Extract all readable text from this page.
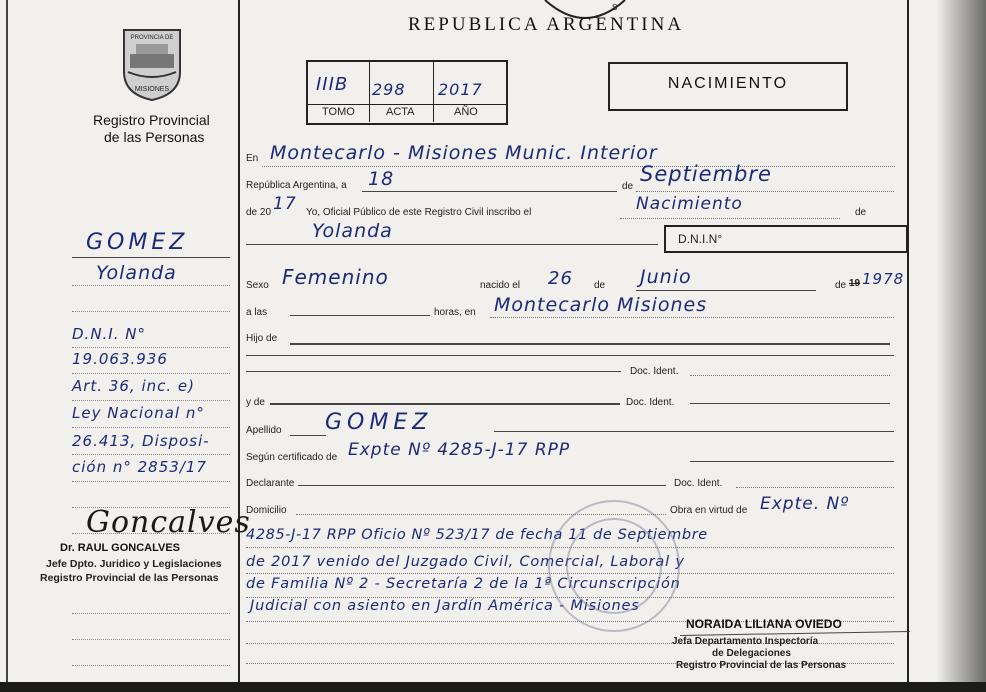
S
REPUBLICA ARGENTINA
PROVINCIA DE
MISIONES
Registro Provincial
de las Personas
IIIB 298 2017
TOMO	ACTA	AÑO
NACIMIENTO
En Montecarlo - Misiones Munic. Interior
República Argentina, a 18	de
Septiembre
de 20 17 Yo, Oficial Público de este Registro Civil inscribo el	Nacimiento	de
Yolanda	D.N.I.N°
Sexo Femenino	nacido el 26 de Junio	de 19 1978
a las	horas, en Montecarlo Misiones
Hijo de
Doc. Ident.
y de	Doc. Ident.
Apellido GOMEZ
Según certificado de Expte Nº 4285-J-17 RPP
Declarante	Doc. Ident.
Domicilio	Obra en virtud de Expte. Nº
4285-J-17 RPP Oficio Nº 523/17 de fecha 11 de Septiembre
de 2017 venido del Juzgado Civil, Comercial, Laboral y
de Familia Nº 2 - Secretaría 2 de la 1ª Circunscripción
Judicial con asiento en Jardín América - Misiones
NORAIDA LILIANA OVIEDO
Jefa Departamento Inspectoría
de Delegaciones
Registro Provincial de las Personas
GOMEZ
Yolanda
D.N.I. N°
19.063.936
Art. 36, inc. e)
Ley Nacional n°
26.413, Disposi-
ción n° 2853/17
Goncalves
Dr. RAUL GONCALVES
Jefe Dpto. Juridico y Legislaciones
Registro Provincial de las Personas
